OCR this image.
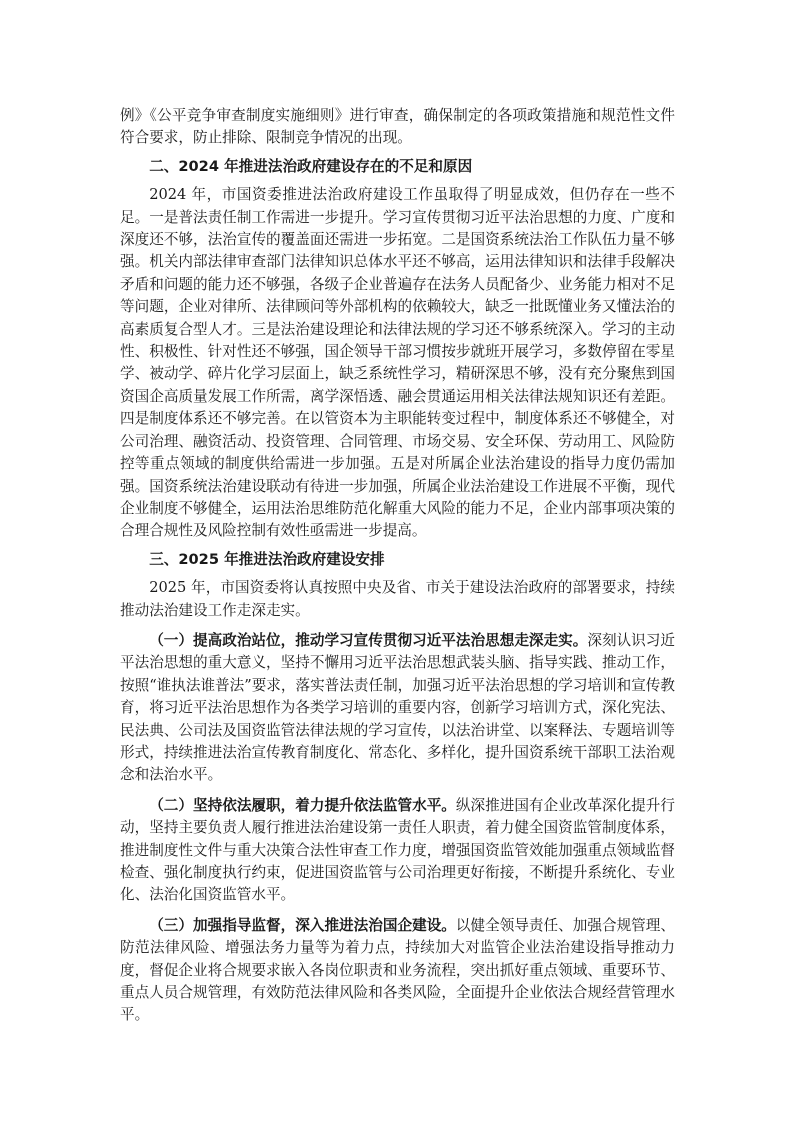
例》《公平竞争审查制度实施细则》进行审查，确保制定的各项政策措施和规范性文件符合要求，防止排除、限制竞争情况的出现。

二、2024 年推进法治政府建设存在的不足和原因

2024 年，市国资委推进法治政府建设工作虽取得了明显成效，但仍存在一些不足。一是普法责任制工作需进一步提升。学习宣传贯彻习近平法治思想的力度、广度和深度还不够，法治宣传的覆盖面还需进一步拓宽。二是国资系统法治工作队伍力量不够强。机关内部法律审查部门法律知识总体水平还不够高，运用法律知识和法律手段解决矛盾和问题的能力还不够强，各级子企业普遍存在法务人员配备少、业务能力相对不足等问题，企业对律所、法律顾问等外部机构的依赖较大，缺乏一批既懂业务又懂法治的高素质复合型人才。三是法治建设理论和法律法规的学习还不够系统深入。学习的主动性、积极性、针对性还不够强，国企领导干部习惯按步就班开展学习，多数停留在零星学、被动学、碎片化学习层面上，缺乏系统性学习，精研深思不够，没有充分聚焦到国资国企高质量发展工作所需，离学深悟透、融会贯通运用相关法律法规知识还有差距。四是制度体系还不够完善。在以管资本为主职能转变过程中，制度体系还不够健全，对公司治理、融资活动、投资管理、合同管理、市场交易、安全环保、劳动用工、风险防控等重点领域的制度供给需进一步加强。五是对所属企业法治建设的指导力度仍需加强。国资系统法治建设联动有待进一步加强，所属企业法治建设工作进展不平衡，现代企业制度不够健全，运用法治思维防范化解重大风险的能力不足，企业内部事项决策的合理合规性及风险控制有效性亟需进一步提高。

三、2025 年推进法治政府建设安排

2025 年，市国资委将认真按照中央及省、市关于建设法治政府的部署要求，持续推动法治建设工作走深走实。

（一）提高政治站位，推动学习宣传贯彻习近平法治思想走深走实。深刻认识习近平法治思想的重大意义，坚持不懈用习近平法治思想武装头脑、指导实践、推动工作，按照“谁执法谁普法”要求，落实普法责任制，加强习近平法治思想的学习培训和宣传教育，将习近平法治思想作为各类学习培训的重要内容，创新学习培训方式，深化宪法、民法典、公司法及国资监管法律法规的学习宣传，以法治讲堂、以案释法、专题培训等形式，持续推进法治宣传教育制度化、常态化、多样化，提升国资系统干部职工法治观念和法治水平。

（二）坚持依法履职，着力提升依法监管水平。纵深推进国有企业改革深化提升行动，坚持主要负责人履行推进法治建设第一责任人职责，着力健全国资监管制度体系，推进制度性文件与重大决策合法性审查工作力度，增强国资监管效能加强重点领域监督检查、强化制度执行约束，促进国资监管与公司治理更好衔接，不断提升系统化、专业化、法治化国资监管水平。

（三）加强指导监督，深入推进法治国企建设。以健全领导责任、加强合规管理、防范法律风险、增强法务力量等为着力点，持续加大对监管企业法治建设指导推动力度，督促企业将合规要求嵌入各岗位职责和业务流程，突出抓好重点领域、重要环节、重点人员合规管理，有效防范法律风险和各类风险，全面提升企业依法合规经营管理水平。
